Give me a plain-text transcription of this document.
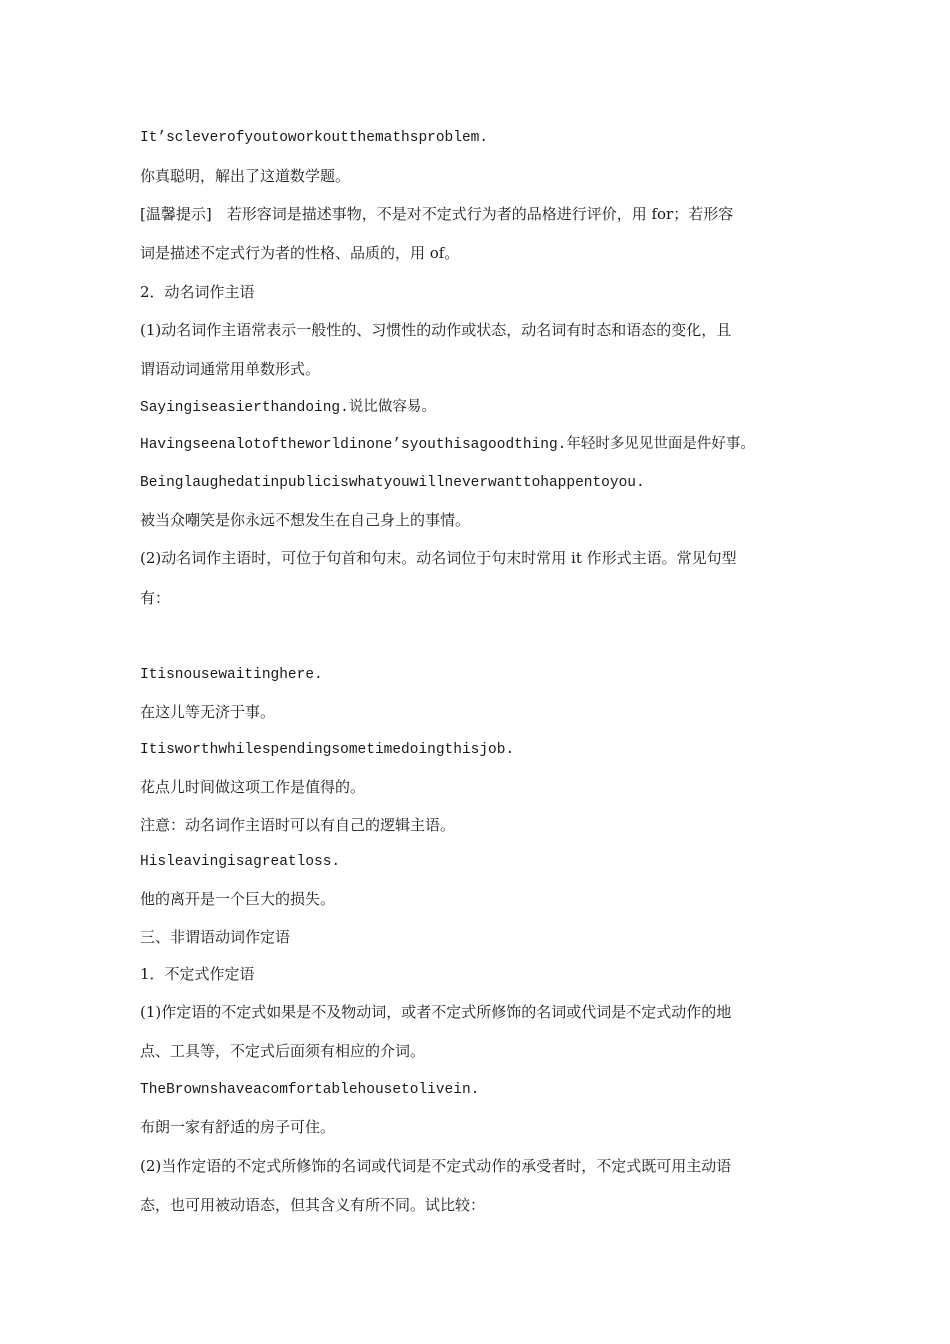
It’scleverofyoutoworkoutthemathsproblem.
你真聪明，解出了这道数学题。
[温馨提示]　若形容词是描述事物，不是对不定式行为者的品格进行评价，用 for；若形容
词是描述不定式行为者的性格、品质的，用 of。
2．动名词作主语
(1)动名词作主语常表示一般性的、习惯性的动作或状态，动名词有时态和语态的变化，且
谓语动词通常用单数形式。
Sayingiseasierthandoing.说比做容易。
Havingseenalotoftheworldinone’syouthisagoodthing.年轻时多见见世面是件好事。
Beinglaughedatinpubliciswhatyouwillneverwanttohappentoyou.
被当众嘲笑是你永远不想发生在自己身上的事情。
(2)动名词作主语时，可位于句首和句末。动名词位于句末时常用 it 作形式主语。常见句型
有：
Itisnousewaitinghere.
在这儿等无济于事。
Itisworthwhilespendingsometimedoingthisjob.
花点儿时间做这项工作是值得的。
注意：动名词作主语时可以有自己的逻辑主语。
Hisleavingisagreatloss.
他的离开是一个巨大的损失。
三、非谓语动词作定语
1．不定式作定语
(1)作定语的不定式如果是不及物动词，或者不定式所修饰的名词或代词是不定式动作的地
点、工具等，不定式后面须有相应的介词。
TheBrownshaveacomfortablehousetolivein.
布朗一家有舒适的房子可住。
(2)当作定语的不定式所修饰的名词或代词是不定式动作的承受者时，不定式既可用主动语
态，也可用被动语态，但其含义有所不同。试比较：
